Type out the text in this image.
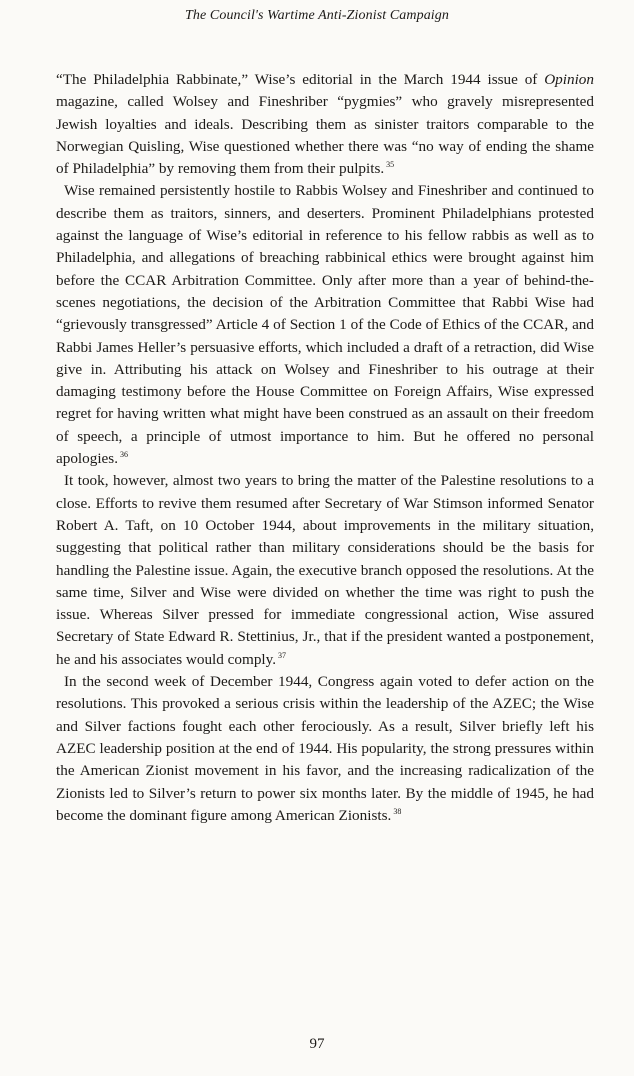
The Council's Wartime Anti-Zionist Campaign

“The Philadelphia Rabbinate,” Wise’s editorial in the March 1944 issue of Opinion magazine, called Wolsey and Fineshriber “pygmies” who gravely misrepresented Jewish loyalties and ideals. Describing them as sinister traitors comparable to the Norwegian Quisling, Wise questioned whether there was “no way of ending the shame of Philadelphia” by removing them from their pulpits. $^{35}$

Wise remained persistently hostile to Rabbis Wolsey and Fineshriber and continued to describe them as traitors, sinners, and deserters. Prominent Philadelphians protested against the language of Wise’s editorial in reference to his fellow rabbis as well as to Philadelphia, and allegations of breaching rabbinical ethics were brought against him before the CCAR Arbitration Committee. Only after more than a year of behind-the-scenes negotiations, the decision of the Arbitration Committee that Rabbi Wise had “grievously transgressed” Article 4 of Section 1 of the Code of Ethics of the CCAR, and Rabbi James Heller’s persuasive efforts, which included a draft of a retraction, did Wise give in. Attributing his attack on Wolsey and Fineshriber to his outrage at their damaging testimony before the House Committee on Foreign Affairs, Wise expressed regret for having written what might have been construed as an assault on their freedom of speech, a principle of utmost importance to him. But he offered no personal apologies. $^{36}$

It took, however, almost two years to bring the matter of the Palestine resolutions to a close. Efforts to revive them resumed after Secretary of War Stimson informed Senator Robert A. Taft, on 10 October 1944, about improvements in the military situation, suggesting that political rather than military considerations should be the basis for handling the Palestine issue. Again, the executive branch opposed the resolutions. At the same time, Silver and Wise were divided on whether the time was right to push the issue. Whereas Silver pressed for immediate congressional action, Wise assured Secretary of State Edward R. Stettinius, Jr., that if the president wanted a postponement, he and his associates would comply. $^{37}$

In the second week of December 1944, Congress again voted to defer action on the resolutions. This provoked a serious crisis within the leadership of the AZEC; the Wise and Silver factions fought each other ferociously. As a result, Silver briefly left his AZEC leadership position at the end of 1944. His popularity, the strong pressures within the American Zionist movement in his favor, and the increasing radicalization of the Zionists led to Silver’s return to power six months later. By the middle of 1945, he had become the dominant figure among American Zionists. $^{38}$

97
